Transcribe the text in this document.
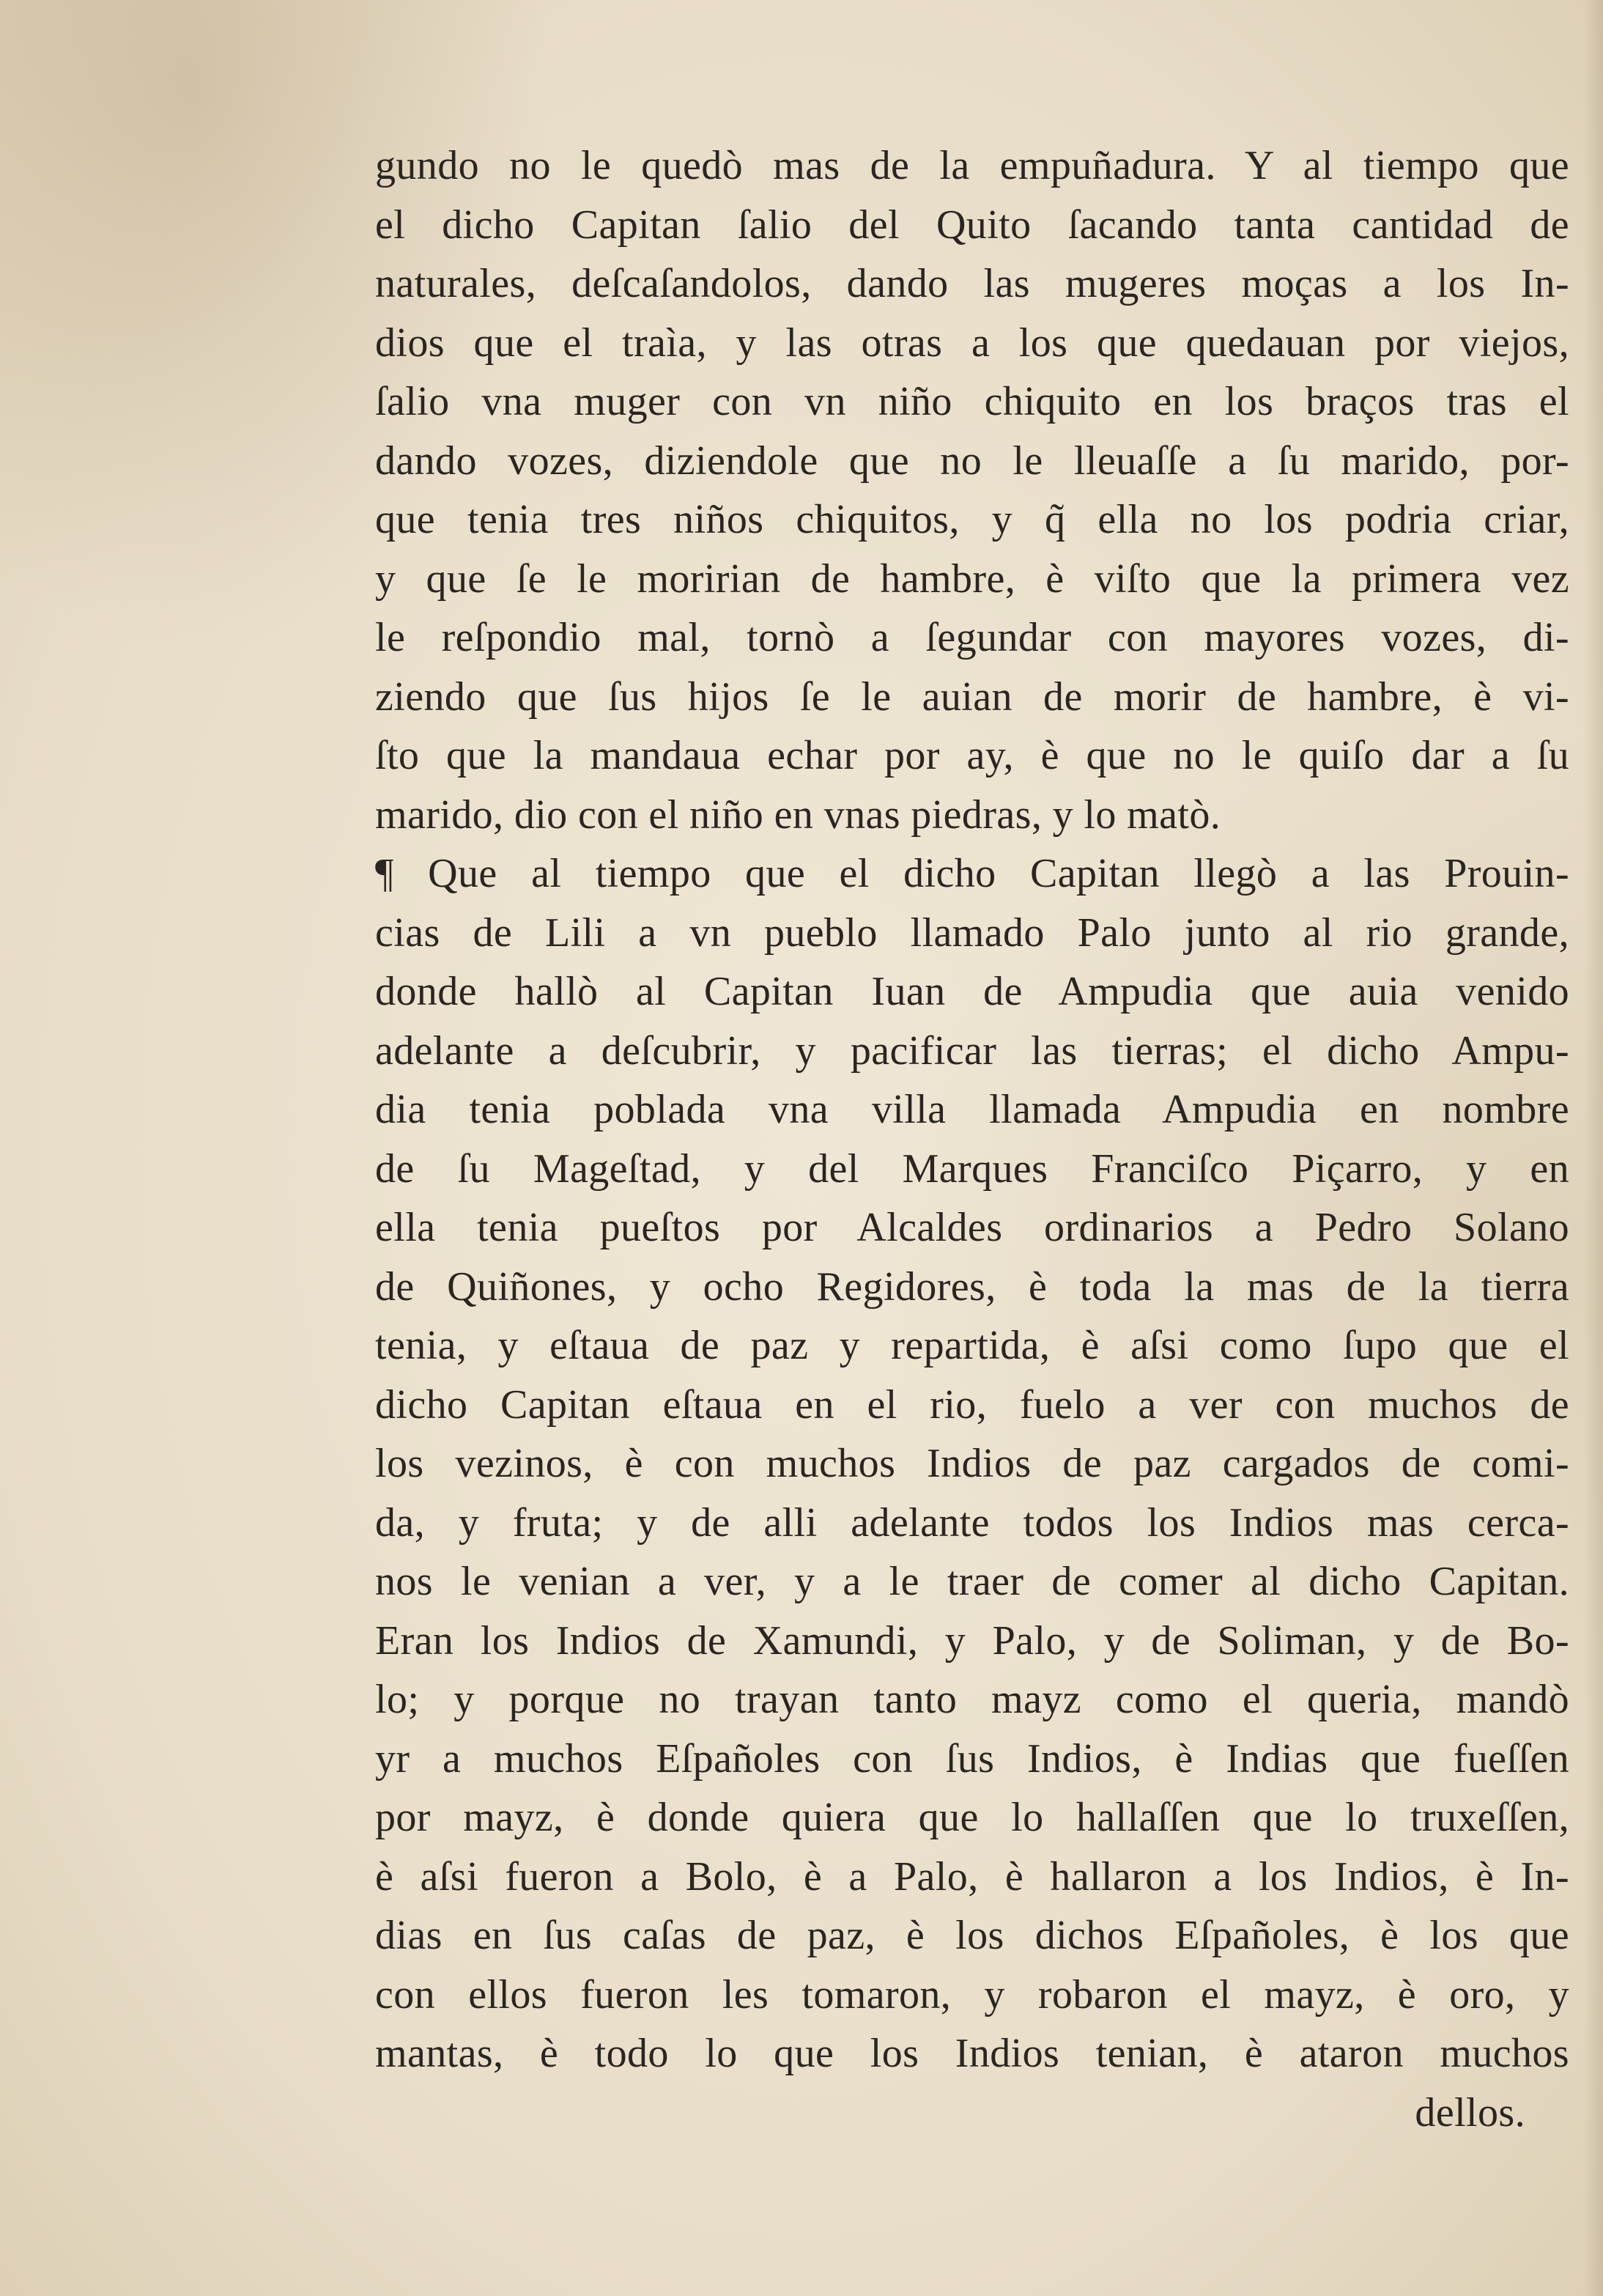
gundo no le quedò mas de la empuñadura. Y al tiempo que
el dicho Capitan ſalio del Quito ſacando tanta cantidad de
naturales, deſcaſandolos, dando las mugeres moças a los In-
dios que el traìa, y las otras a los que quedauan por viejos,
ſalio vna muger con vn niño chiquito en los braços tras el
dando vozes, diziendole que no le lleuaſſe a ſu marido, por-
que tenia tres niños chiquitos, y q̃ ella no los podria criar,
y que ſe le moririan de hambre, è viſto que la primera vez
le reſpondio mal, tornò a ſegundar con mayores vozes, di-
ziendo que ſus hijos ſe le auian de morir de hambre, è vi-
ſto que la mandaua echar por ay, è que no le quiſo dar a ſu
marido, dio con el niño en vnas piedras, y lo matò.
¶ Que al tiempo que el dicho Capitan llegò a las Prouin-
cias de Lili a vn pueblo llamado Palo junto al rio grande,
donde hallò al Capitan Iuan de Ampudia que auia venido
adelante a deſcubrir, y pacificar las tierras; el dicho Ampu-
dia tenia poblada vna villa llamada Ampudia en nombre
de ſu Mageſtad, y del Marques Franciſco Piçarro, y en
ella tenia pueſtos por Alcaldes ordinarios a Pedro Solano
de Quiñones, y ocho Regidores, è toda la mas de la tierra
tenia, y eſtaua de paz y repartida, è aſsi como ſupo que el
dicho Capitan eſtaua en el rio, fuelo a ver con muchos de
los vezinos, è con muchos Indios de paz cargados de comi-
da, y fruta; y de alli adelante todos los Indios mas cerca-
nos le venian a ver, y a le traer de comer al dicho Capitan.
Eran los Indios de Xamundi, y Palo, y de Soliman, y de Bo-
lo; y porque no trayan tanto mayz como el queria, mandò
yr a muchos Eſpañoles con ſus Indios, è Indias que fueſſen
por mayz, è donde quiera que lo hallaſſen que lo truxeſſen,
è aſsi fueron a Bolo, è a Palo, è hallaron a los Indios, è In-
dias en ſus caſas de paz, è los dichos Eſpañoles, è los que
con ellos fueron les tomaron, y robaron el mayz, è oro, y
mantas, è todo lo que los Indios tenian, è ataron muchos
dellos.
